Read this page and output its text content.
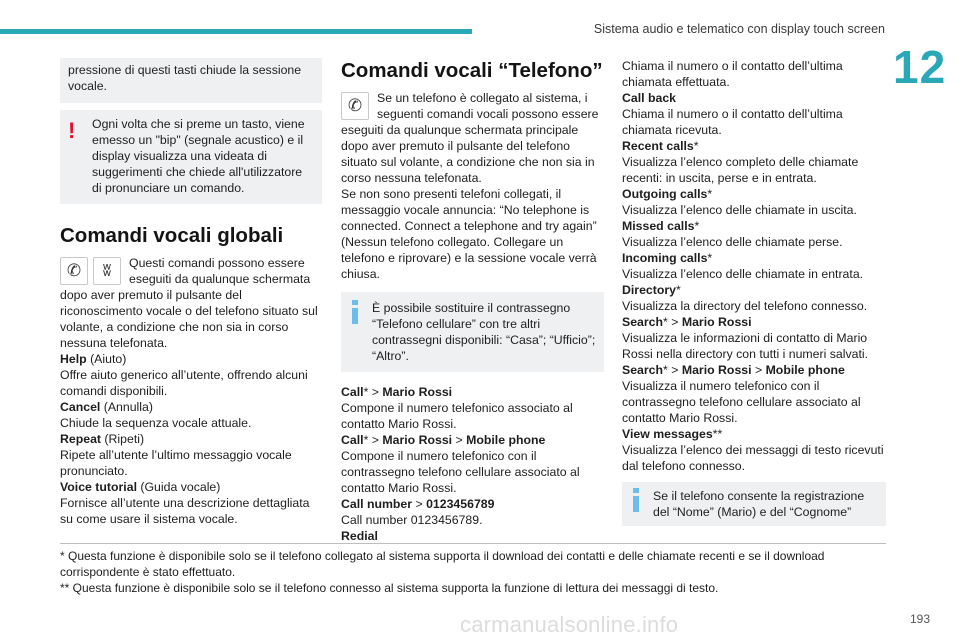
Sistema audio e telematico con display touch screen
12

pressione di questi tasti chiude la sessione vocale.

!	Ogni volta che si preme un tasto, viene emesso un "bip" (segnale acustico) e il display visualizza una videata di suggerimenti che chiede all'utilizzatore di pronunciare un comando.

Comandi vocali globali
✆ ʬ	Questi comandi possono essere eseguiti da qualunque schermata dopo aver premuto il pulsante del riconoscimento vocale o del telefono situato sul volante, a condizione che non sia in corso nessuna telefonata.

Help (Aiuto)

Offre aiuto generico all’utente, offrendo alcuni comandi disponibili.

Cancel (Annulla)

Chiude la sequenza vocale attuale.

Repeat (Ripeti)

Ripete all’utente l’ultimo messaggio vocale pronunciato.

Voice tutorial (Guida vocale)

Fornisce all’utente una descrizione dettagliata su come usare il sistema vocale.

Comandi vocali “Telefono”
✆	Se un telefono è collegato al sistema, i seguenti comandi vocali possono essere eseguiti da qualunque schermata principale dopo aver premuto il pulsante del telefono situato sul volante, a condizione che non sia in corso nessuna telefonata.

Se non sono presenti telefoni collegati, il messaggio vocale annuncia: “No telephone is connected. Connect a telephone and try again” (Nessun telefono collegato. Collegare un telefono e riprovare) e la sessione vocale verrà chiusa.

È possibile sostituire il contrassegno “Telefono cellulare” con tre altri contrassegni disponibili: “Casa”; “Ufficio”; “Altro”.

Call* > Mario Rossi

Compone il numero telefonico associato al contatto Mario Rossi.

Call* > Mario Rossi > Mobile phone

Compone il numero telefonico con il contrassegno telefono cellulare associato al contatto Mario Rossi.

Call number > 0123456789

Call number 0123456789.

Redial

Chiama il numero o il contatto dell’ultima chiamata effettuata.

Call back

Chiama il numero o il contatto dell’ultima chiamata ricevuta.

Recent calls*

Visualizza l’elenco completo delle chiamate recenti: in uscita, perse e in entrata.

Outgoing calls*

Visualizza l’elenco delle chiamate in uscita.

Missed calls*

Visualizza l’elenco delle chiamate perse.

Incoming calls*

Visualizza l’elenco delle chiamate in entrata.

Directory*

Visualizza la directory del telefono connesso.

Search* > Mario Rossi

Visualizza le informazioni di contatto di Mario Rossi nella directory con tutti i numeri salvati.

Search* > Mario Rossi > Mobile phone

Visualizza il numero telefonico con il contrassegno telefono cellulare associato al contatto Mario Rossi.

View messages**

Visualizza l’elenco dei messaggi di testo ricevuti dal telefono connesso.

Se il telefono consente la registrazione del “Nome” (Mario) e del “Cognome”

* Questa funzione è disponibile solo se il telefono collegato al sistema supporta il download dei contatti e delle chiamate recenti e se il download corrispondente è stato effettuato.

** Questa funzione è disponibile solo se il telefono connesso al sistema supporta la funzione di lettura dei messaggi di testo.

carmanualsonline.info	193
